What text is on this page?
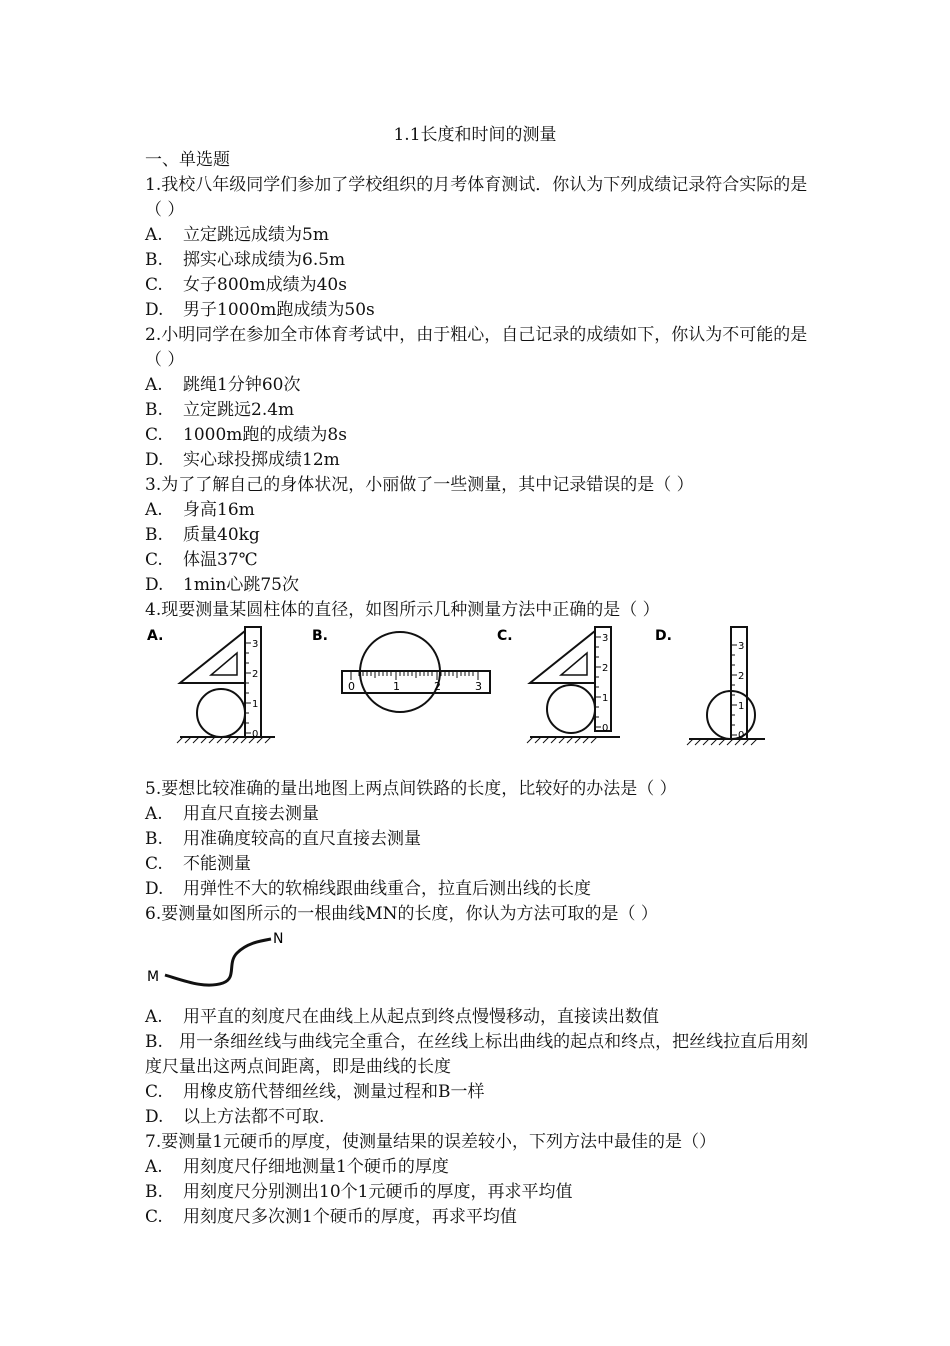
1.1长度和时间的测量

一、单选题

1.我校八年级同学们参加了学校组织的月考体育测试．你认为下列成绩记录符合实际的是（ ）

A.	立定跳远成绩为5m
B.	掷实心球成绩为6.5m
C.	女子800m成绩为40s
D.	男子1000m跑成绩为50s

2.小明同学在参加全市体育考试中，由于粗心，自己记录的成绩如下，你认为不可能的是（ ）

A.	跳绳1分钟60次
B.	立定跳远2.4m
C.	1000m跑的成绩为8s
D.	实心球投掷成绩12m

3.为了了解自己的身体状况，小丽做了一些测量，其中记录错误的是（ ）

A.	身高16m
B.	质量40kg
C.	体温37℃
D.	1min心跳75次

4.现要测量某圆柱体的直径，如图所示几种测量方法中正确的是（ ）

A.
0
1
2
3
B.
0	1	2	3
C.
0
1
2
3	D.
0
1
2
3

5.要想比较准确的量出地图上两点间铁路的长度，比较好的办法是（ ）

A.	用直尺直接去测量
B.	用准确度较高的直尺直接去测量
C.	不能测量
D.	用弹性不大的软棉线跟曲线重合，拉直后测出线的长度

6.要测量如图所示的一根曲线MN的长度，你认为方法可取的是（ ）

M
N
A.	用平直的刻度尺在曲线上从起点到终点慢慢移动，直接读出数值

B. 用一条细丝线与曲线完全重合，在丝线上标出曲线的起点和终点，把丝线拉直后用刻度尺量出这两点间距离，即是曲线的长度

C.	用橡皮筋代替细丝线，测量过程和B一样
D.	以上方法都不可取.

7.要测量1元硬币的厚度，使测量结果的误差较小，下列方法中最佳的是（）

A.	用刻度尺仔细地测量1个硬币的厚度
B.	用刻度尺分别测出10个1元硬币的厚度，再求平均值
C.	用刻度尺多次测1个硬币的厚度，再求平均值
